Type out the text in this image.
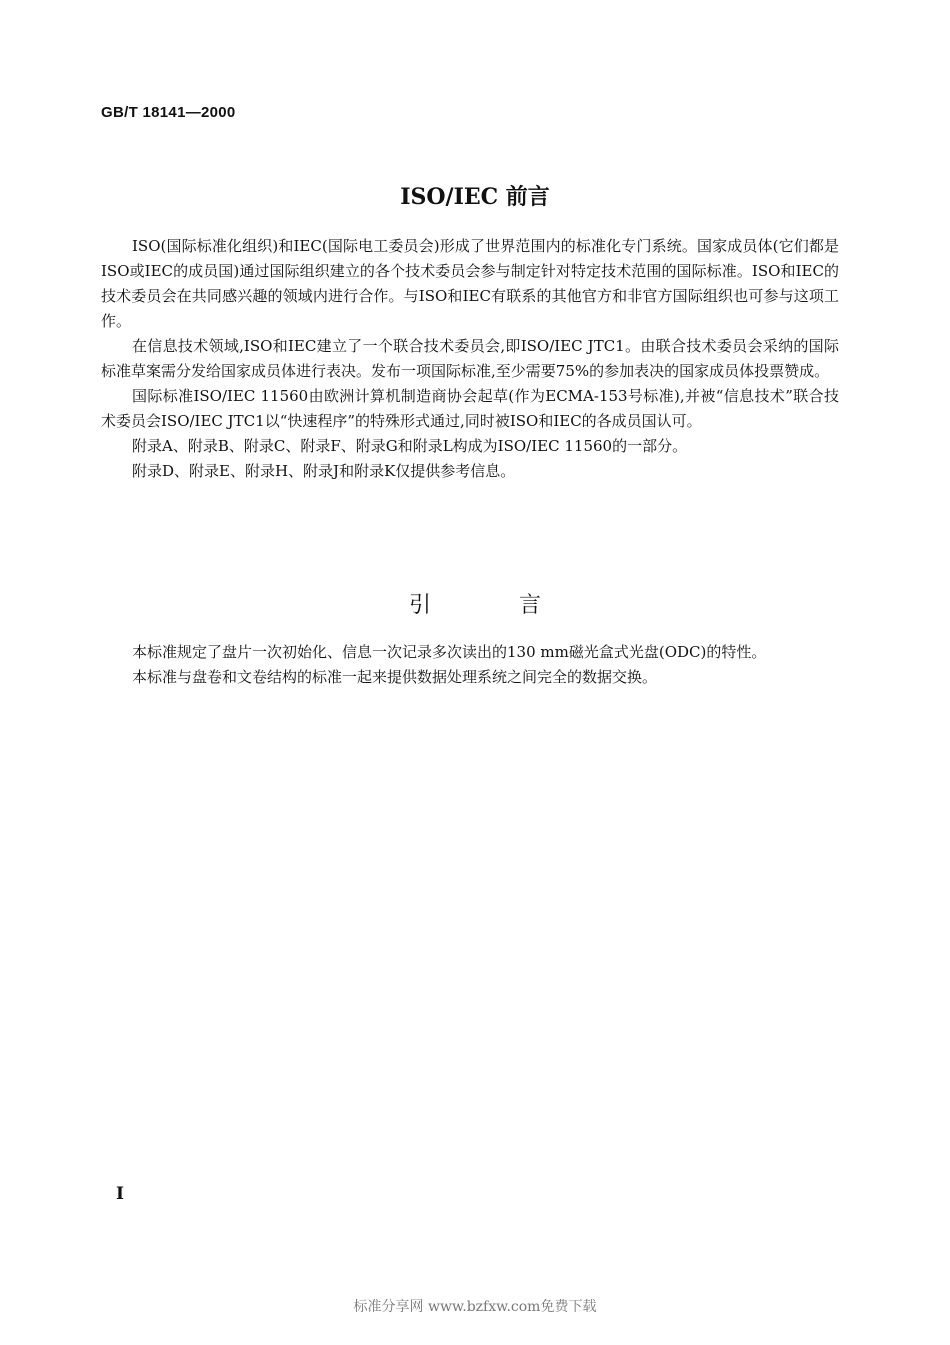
GB/T 18141—2000
ISO/IEC 前言

ISO(国际标准化组织)和IEC(国际电工委员会)形成了世界范围内的标准化专门系统。国家成员体(它们都是ISO或IEC的成员国)通过国际组织建立的各个技术委员会参与制定针对特定技术范围的国际标准。ISO和IEC的技术委员会在共同感兴趣的领域内进行合作。与ISO和IEC有联系的其他官方和非官方国际组织也可参与这项工作。

在信息技术领域,ISO和IEC建立了一个联合技术委员会,即ISO/IEC JTC1。由联合技术委员会采纳的国际标准草案需分发给国家成员体进行表决。发布一项国际标准,至少需要75%的参加表决的国家成员体投票赞成。

国际标准ISO/IEC 11560由欧洲计算机制造商协会起草(作为ECMA-153号标准),并被“信息技术”联合技术委员会ISO/IEC JTC1以“快速程序”的特殊形式通过,同时被ISO和IEC的各成员国认可。

附录A、附录B、附录C、附录F、附录G和附录L构成为ISO/IEC 11560的一部分。

附录D、附录E、附录H、附录J和附录K仅提供参考信息。

引言

本标准规定了盘片一次初始化、信息一次记录多次读出的130 mm磁光盒式光盘(ODC)的特性。

本标准与盘卷和文卷结构的标准一起来提供数据处理系统之间完全的数据交换。

I
标准分享网 www.bzfxw.com免费下载
